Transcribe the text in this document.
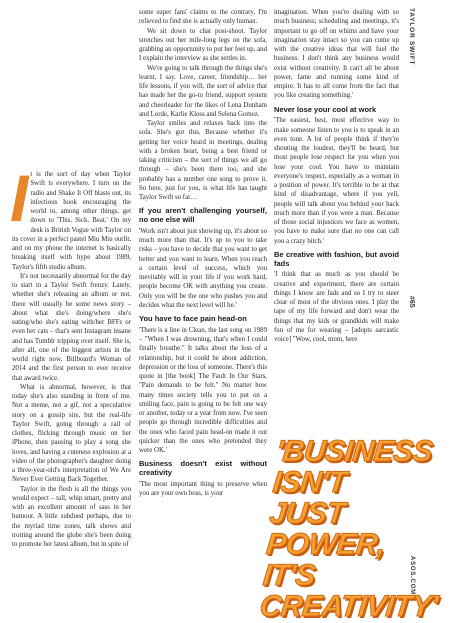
TAYLOR SWIFT
#65
ASOS.COM
I t is the sort of day when Taylor Swift is everywhere. I turn on the radio and Shake It Off blasts out, its infectious hook encouraging the world to, among other things, get down to 'This. Sick. Beat.' On my desk is British Vogue with Taylor on its cover in a perfect pastel Miu Miu outfit, and on my phone the internet is basically breaking itself with hype about 1989, Taylor's fifth studio album.
It's not necessarily abnormal for the day to start in a Taylor Swift frenzy. Lately, whether she's releasing an album or not, there will usually be some news story – about what she's doing/where she's eating/who she's eating with/her BFFs or even her cats – that's sent Instagram insane and has Tumblr tripping over itself. She is, after all, one of the biggest artists in the world right now, Billboard's Woman of 2014 and the first person to ever receive that award twice.
What is abnormal, however, is that today she's also standing in front of me. Not a meme, not a gif, not a speculative story on a gossip site, but the real-life Taylor Swift, going through a rail of clothes, flicking through music on her iPhone, then pausing to play a song she loves, and having a cuteness explosion at a video of the photographer's daughter doing a three-year-old's interpretation of We Are Never Ever Getting Back Together.
Taylor in the flesh is all the things you would expect – tall, whip smart, pretty and with an excellent amount of sass in her humour. A little subdued perhaps, due to the myriad time zones, talk shows and trotting around the globe she's been doing to promote her latest album, but in spite of
some super fans' claims to the contrary, I'm relieved to find she is actually only human.
We sit down to chat post-shoot. Taylor stretches out her mile-long legs on the sofa, grabbing an opportunity to put her feet up, and I explain the interview as she settles in.
We're going to talk through the things she's learnt, I say. Love, career, friendship… her life lessons, if you will, the sort of advice that has made her the go-to friend, support system and cheerleader for the likes of Lena Dunham and Lorde, Karlie Kloss and Selena Gomez.
Taylor smiles and relaxes back into the sofa. She's got this. Because whether it's getting her voice heard in meetings, dealing with a broken heart, being a best friend or taking criticism – the sort of things we all go through – she's been there too, and she probably has a number one song to prove it. So here, just for you, is what life has taught Taylor Swift so far…
If you aren't challenging yourself, no one else will
'Work isn't about just showing up, it's about so much more than that. It's up to you to take risks – you have to decide that you want to get better and you want to learn. When you reach a certain level of success, which you inevitably will in your life if you work hard, people become OK with anything you create. Only you will be the one who pushes you and decides what the next level will be.'
You have to face pain head-on
'There is a line in Clean, the last song on 1989 – "When I was drowning, that's when I could finally breathe." It talks about the loss of a relationship, but it could be about addiction, depression or the loss of someone. There's this quote in [the book] The Fault In Our Stars, "Pain demands to be felt." No matter how many times society tells you to put on a smiling face, pain is going to be felt one way or another, today or a year from now. I've seen people go through incredible difficulties and the ones who faced pain head-on made it out quicker than the ones who pretended they were OK.'
Business doesn't exist without creativity
'The most important thing to preserve when you are your own boss, is your
imagination. When you're dealing with so much business; scheduling and meetings, it's important to go off on whims and have your imagination stay intact so you can come up with the creative ideas that will fuel the business. I don't think any business would exist without creativity. It can't all be about power, fame and running some kind of empire. It has to all come from the fact that you like creating something.'
Never lose your cool at work
'The easiest, best, most effective way to make someone listen to you is to speak in an even tone. A lot of people think if they're shouting the loudest, they'll be heard, but most people lose respect for you when you lose your cool. You have to maintain everyone's respect, especially as a woman in a position of power. It's terrible to be at that kind of disadvantage, where if you yell, people will talk about you behind your back much more than if you were a man. Because of those social injustices we face as women, you have to make sure that no one can call you a crazy bitch.'
Be creative with fashion, but avoid fads
'I think that as much as you should be creative and experiment, there are certain things I know are fads and so I try to steer clear of most of the obvious ones. I play the tape of my life forward and don't wear the things that my kids or grandkids will make fun of me for wearing – [adopts sarcastic voice] "Wow, cool, mom, here
'BUSINESS
ISN'T JUST
POWER, IT'S
CREATIVITY'
